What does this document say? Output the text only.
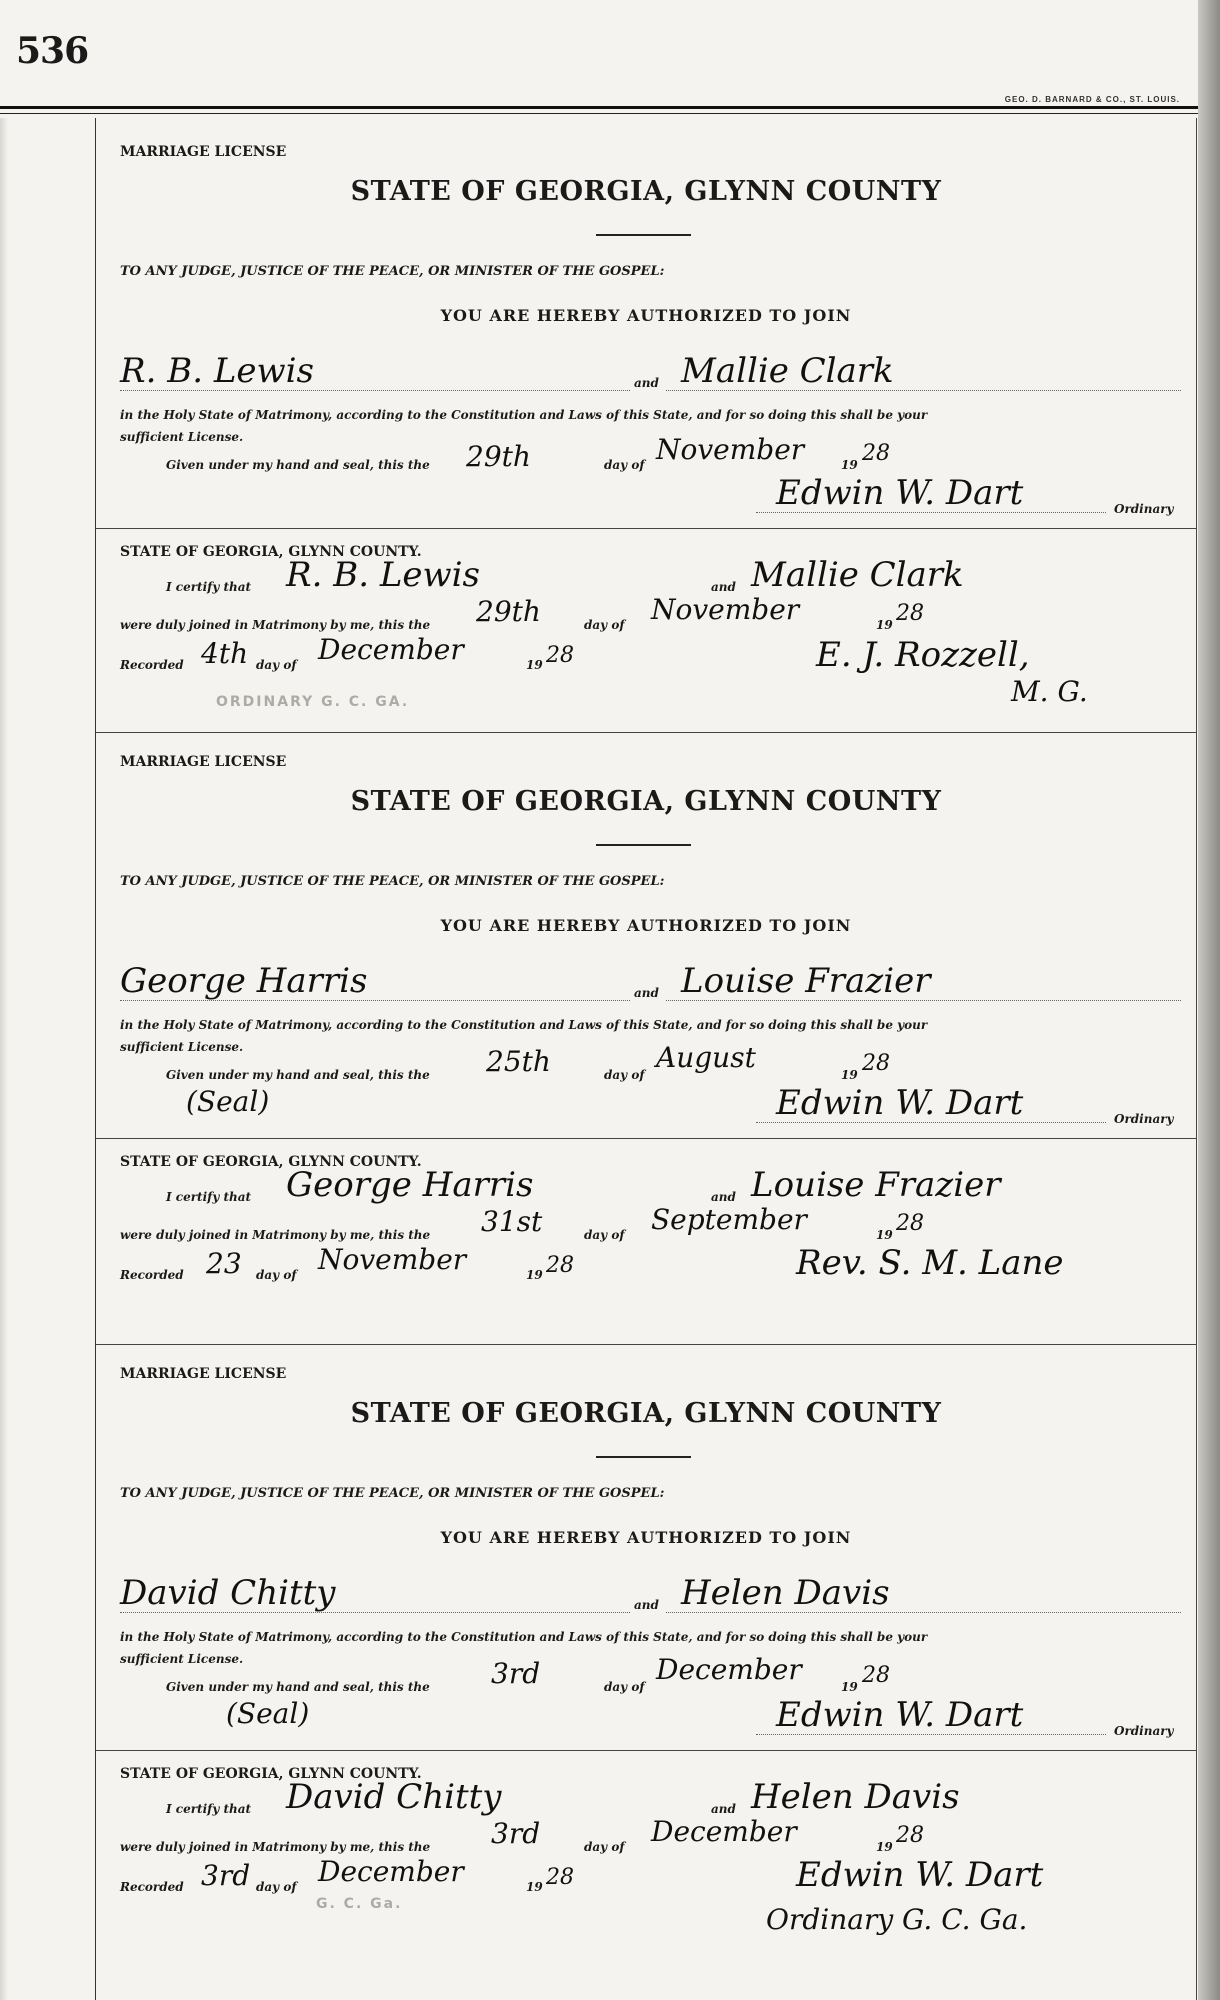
536
GEO. D. BARNARD & CO., ST. LOUIS.
MARRIAGE LICENSE
STATE OF GEORGIA, GLYNN COUNTY
TO ANY JUDGE, JUSTICE OF THE PEACE, OR MINISTER OF THE GOSPEL:
YOU ARE HEREBY AUTHORIZED TO JOIN
R. B. Lewis	and Mallie Clark
in the Holy State of Matrimony, according to the Constitution and Laws of this State, and for so doing this shall be your
sufficient License.
Given under my hand and seal, this the 29th	day of November	19 28
Edwin W. Dart	Ordinary
STATE OF GEORGIA, GLYNN COUNTY.
I certify that R. B. Lewis	and Mallie Clark
were duly joined in Matrimony by me, this the 29th	day of November	19 28
Recorded 4th day of December	19 28	E. J. Rozzell,
M. G.
ORDINARY G. C. GA.
MARRIAGE LICENSE
STATE OF GEORGIA, GLYNN COUNTY
TO ANY JUDGE, JUSTICE OF THE PEACE, OR MINISTER OF THE GOSPEL:
YOU ARE HEREBY AUTHORIZED TO JOIN
George Harris	and Louise Frazier
in the Holy State of Matrimony, according to the Constitution and Laws of this State, and for so doing this shall be your
sufficient License.
Given under my hand and seal, this the 25th	day of
August
19 28
(Seal)	Edwin W. Dart	Ordinary
STATE OF GEORGIA, GLYNN COUNTY.
I certify that George Harris	and Louise Frazier
were duly joined in Matrimony by me, this the 31st	day of September	19 28
Recorded 23 day of November	19 28	Rev. S. M. Lane
MARRIAGE LICENSE
STATE OF GEORGIA, GLYNN COUNTY
TO ANY JUDGE, JUSTICE OF THE PEACE, OR MINISTER OF THE GOSPEL:
YOU ARE HEREBY AUTHORIZED TO JOIN
David Chitty	and Helen Davis
in the Holy State of Matrimony, according to the Constitution and Laws of this State, and for so doing this shall be your
sufficient License.
Given under my hand and seal, this the 3rd	day of
December
19 28
(Seal)	Edwin W. Dart	Ordinary
STATE OF GEORGIA, GLYNN COUNTY.
I certify that David Chitty	and Helen Davis
were duly joined in Matrimony by me, this the 3rd	day of December	19 28
Recorded 3rd day of December	19 28	Edwin W. Dart
Ordinary G. C. Ga.
G. C. Ga.
